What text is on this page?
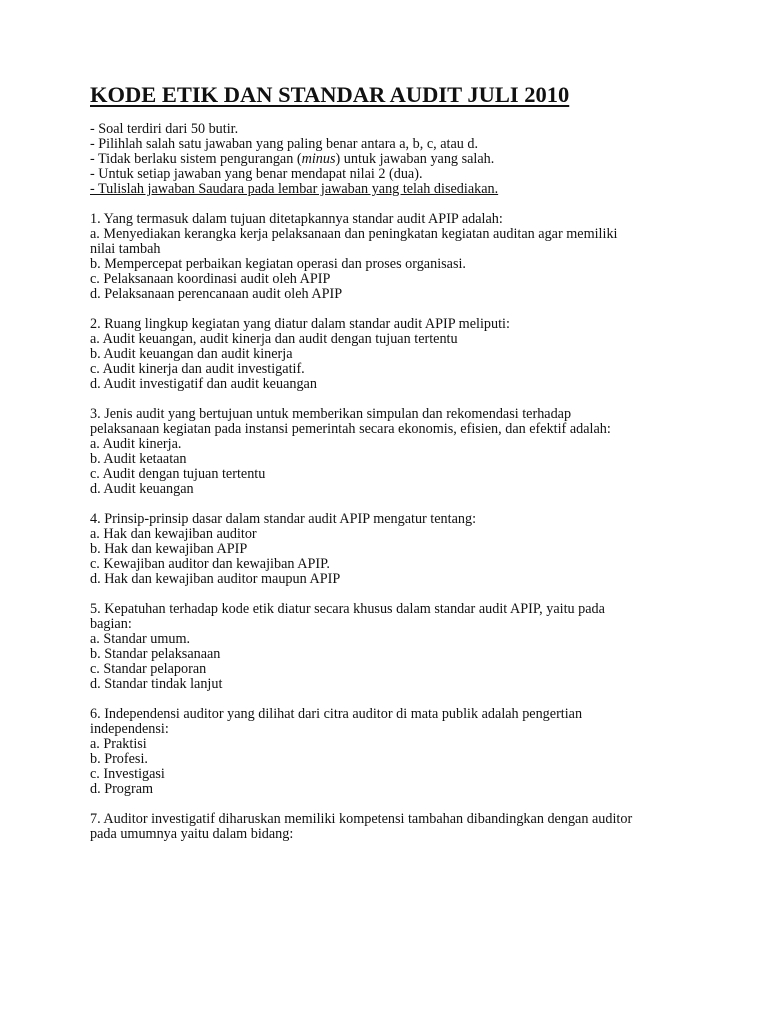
KODE ETIK DAN STANDAR AUDIT JULI 2010
- Soal terdiri dari 50 butir.
- Pilihlah salah satu jawaban yang paling benar antara a, b, c, atau d.
- Tidak berlaku sistem pengurangan (minus) untuk jawaban yang salah.
- Untuk setiap jawaban yang benar mendapat nilai 2 (dua).
- Tulislah jawaban Saudara pada lembar jawaban yang telah disediakan.
1. Yang termasuk dalam tujuan ditetapkannya standar audit APIP adalah:
a. Menyediakan kerangka kerja pelaksanaan dan peningkatan kegiatan auditan agar memiliki
nilai tambah
b. Mempercepat perbaikan kegiatan operasi dan proses organisasi.
c. Pelaksanaan koordinasi audit oleh APIP
d. Pelaksanaan perencanaan audit oleh APIP
2. Ruang lingkup kegiatan yang diatur dalam standar audit APIP meliputi:
a. Audit keuangan, audit kinerja dan audit dengan tujuan tertentu
b. Audit keuangan dan audit kinerja
c. Audit kinerja dan audit investigatif.
d. Audit investigatif dan audit keuangan
3. Jenis audit yang bertujuan untuk memberikan simpulan dan rekomendasi terhadap
pelaksanaan kegiatan pada instansi pemerintah secara ekonomis, efisien, dan efektif adalah:
a. Audit kinerja.
b. Audit ketaatan
c. Audit dengan tujuan tertentu
d. Audit keuangan
4. Prinsip-prinsip dasar dalam standar audit APIP mengatur tentang:
a. Hak dan kewajiban auditor
b. Hak dan kewajiban APIP
c. Kewajiban auditor dan kewajiban APIP.
d. Hak dan kewajiban auditor maupun APIP
5. Kepatuhan terhadap kode etik diatur secara khusus dalam standar audit APIP, yaitu pada
bagian:
a. Standar umum.
b. Standar pelaksanaan
c. Standar pelaporan
d. Standar tindak lanjut
6. Independensi auditor yang dilihat dari citra auditor di mata publik adalah pengertian
independensi:
a. Praktisi
b. Profesi.
c. Investigasi
d. Program
7. Auditor investigatif diharuskan memiliki kompetensi tambahan dibandingkan dengan auditor
pada umumnya yaitu dalam bidang:
